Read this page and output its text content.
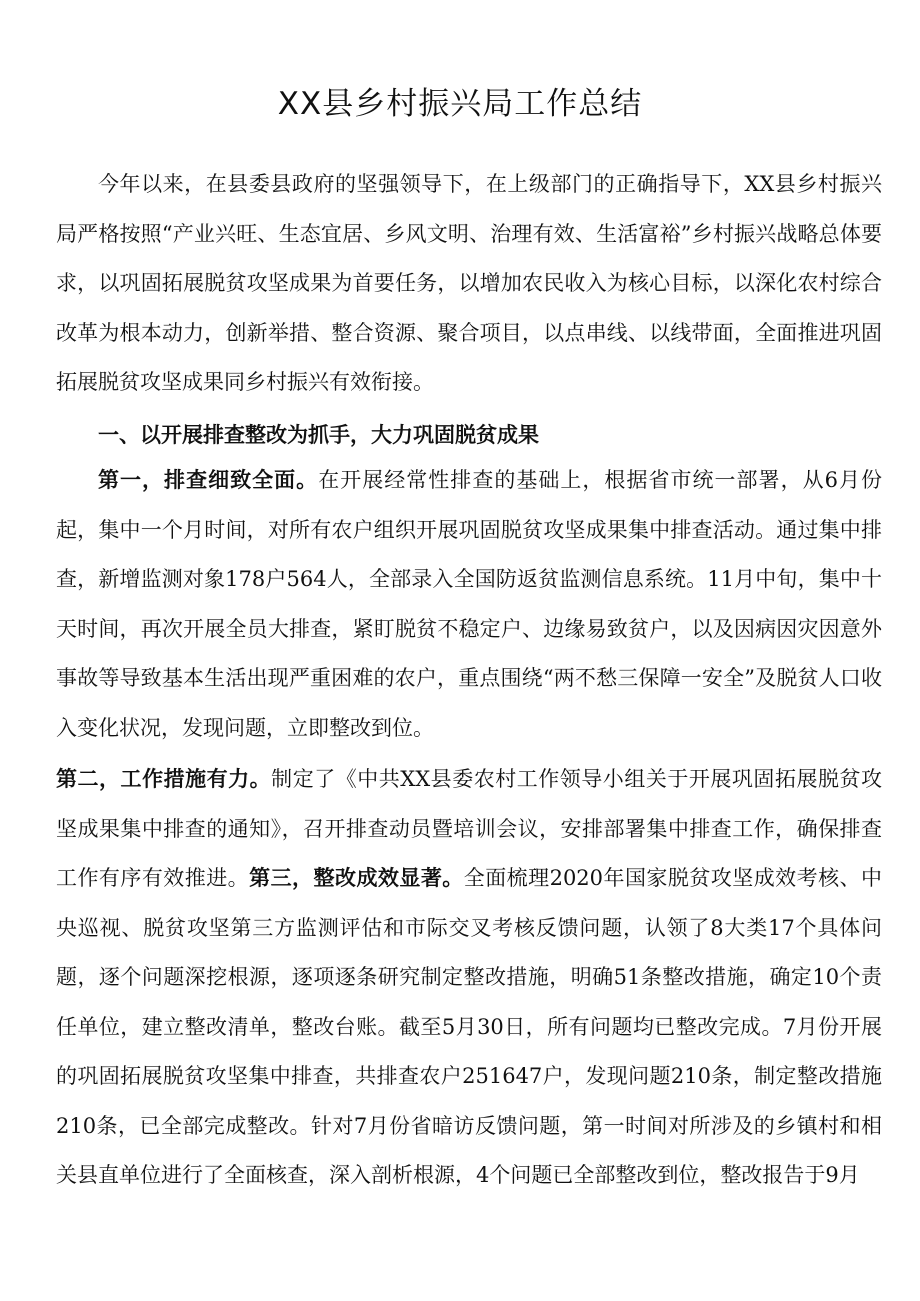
XX县乡村振兴局工作总结
今年以来，在县委县政府的坚强领导下，在上级部门的正确指导下，XX县乡村振兴局严格按照“产业兴旺、生态宜居、乡风文明、治理有效、生活富裕”乡村振兴战略总体要求，以巩固拓展脱贫攻坚成果为首要任务，以增加农民收入为核心目标，以深化农村综合改革为根本动力，创新举措、整合资源、聚合项目，以点串线、以线带面，全面推进巩固拓展脱贫攻坚成果同乡村振兴有效衔接。
一、以开展排查整改为抓手，大力巩固脱贫成果
第一，排查细致全面。在开展经常性排查的基础上，根据省市统一部署，从6月份起，集中一个月时间，对所有农户组织开展巩固脱贫攻坚成果集中排查活动。通过集中排查，新增监测对象178户564人，全部录入全国防返贫监测信息系统。11月中旬，集中十天时间，再次开展全员大排查，紧盯脱贫不稳定户、边缘易致贫户，以及因病因灾因意外事故等导致基本生活出现严重困难的农户，重点围绕“两不愁三保障一安全”及脱贫人口收入变化状况，发现问题，立即整改到位。
第二，工作措施有力。制定了《中共XX县委农村工作领导小组关于开展巩固拓展脱贫攻坚成果集中排查的通知》，召开排查动员暨培训会议，安排部署集中排查工作，确保排查工作有序有效推进。第三，整改成效显著。全面梳理2020年国家脱贫攻坚成效考核、中央巡视、脱贫攻坚第三方监测评估和市际交叉考核反馈问题，认领了8大类17个具体问题，逐个问题深挖根源，逐项逐条研究制定整改措施，明确51条整改措施，确定10个责任单位，建立整改清单，整改台账。截至5月30日，所有问题均已整改完成。7月份开展的巩固拓展脱贫攻坚集中排查，共排查农户251647户，发现问题210条，制定整改措施210条，已全部完成整改。针对7月份省暗访反馈问题，第一时间对所涉及的乡镇村和相关县直单位进行了全面核查，深入剖析根源，4个问题已全部整改到位，整改报告于9月
